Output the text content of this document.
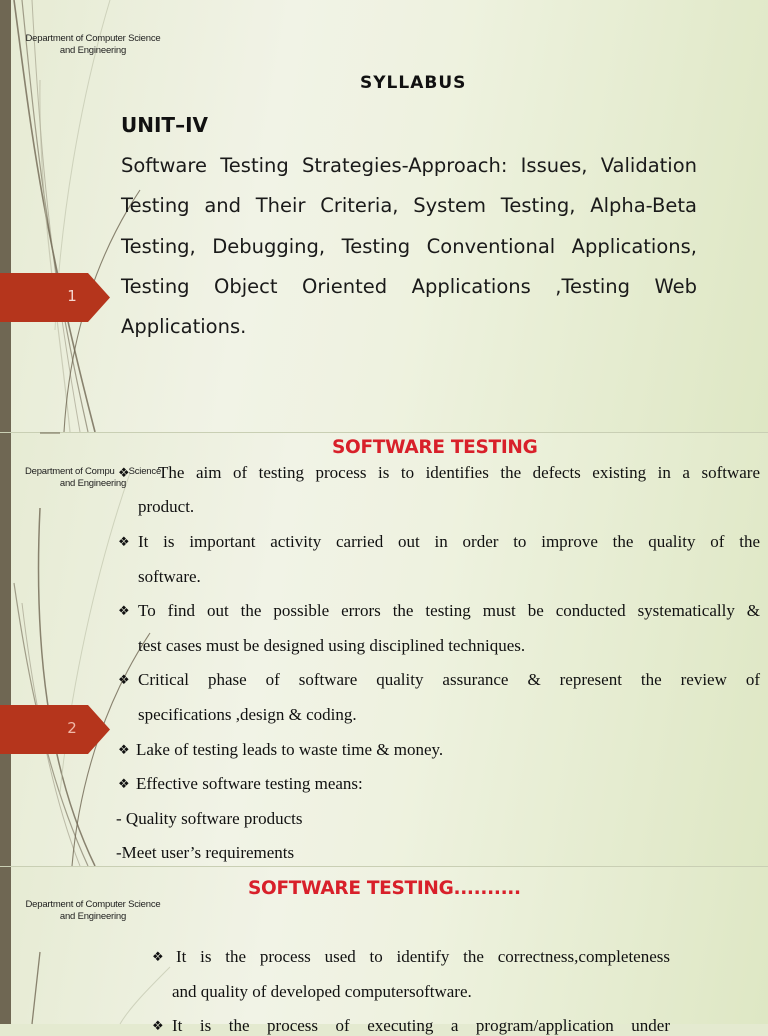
Department of Computer Science
and Engineering
SYLLABUS
UNIT–IV
Software Testing Strategies-Approach: Issues, Validation Testing and Their Criteria, System Testing, Alpha-Beta Testing, Debugging, Testing Conventional Applications, Testing Object Oriented Applications ,Testing Web Applications.
1
Department of Compu Science
and Engineering
SOFTWARE TESTING
❖	The aim of testing process is to identifies the defects existing in a software
product.
❖ It is important activity carried out in order to improve the quality of the
software.
❖ To find out the possible errors the testing must be conducted systematically &
test cases must be designed using disciplined techniques.
❖ Critical phase of software quality assurance & represent the review of
specifications ,design & coding.
❖ Lake of testing leads to waste time & money.
❖ Effective software testing means:
- Quality software products
-Meet user’s requirements
2
Department of Computer Science
and Engineering
SOFTWARE TESTING..........
❖ It is the process used to identify the correctness,completeness
and quality of developed computersoftware.
❖ It is the process of executing a program/application under
